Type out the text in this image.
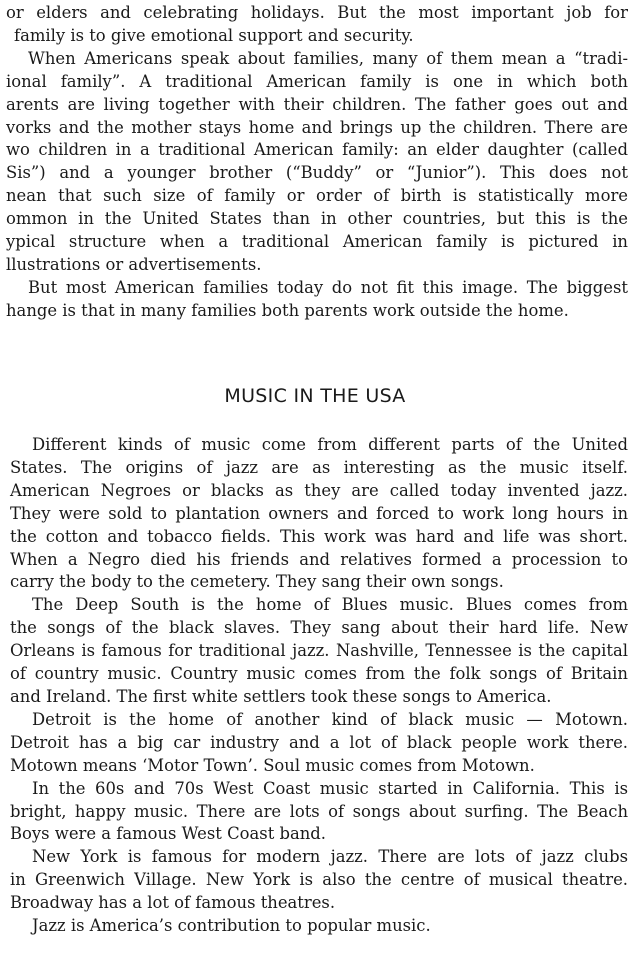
or elders and celebrating holidays. But the most important job for
family is to give emotional support and security.

When Americans speak about families, many of them mean a “tradi-
ional family”. A traditional American family is one in which both
arents are living together with their children. The father goes out and
vorks and the mother stays home and brings up the children. There are
wo children in a traditional American family: an elder daughter (called
Sis”) and a younger brother (“Buddy” or “Junior”). This does not
nean that such size of family or order of birth is statistically more
ommon in the United States than in other countries, but this is the
ypical structure when a traditional American family is pictured in
llustrations or advertisements.

But most American families today do not fit this image. The biggest
hange is that in many families both parents work outside the home.

MUSIC IN THE USA

Different kinds of music come from different parts of the United
States. The origins of jazz are as interesting as the music itself.
American Negroes or blacks as they are called today invented jazz.
They were sold to plantation owners and forced to work long hours in
the cotton and tobacco fields. This work was hard and life was short.
When a Negro died his friends and relatives formed a procession to
carry the body to the cemetery. They sang their own songs.

The Deep South is the home of Blues music. Blues comes from
the songs of the black slaves. They sang about their hard life. New
Orleans is famous for traditional jazz. Nashville, Tennessee is the capital
of country music. Country music comes from the folk songs of Britain
and Ireland. The first white settlers took these songs to America.

Detroit is the home of another kind of black music — Motown.
Detroit has a big car industry and a lot of black people work there.
Motown means ‘Motor Town’. Soul music comes from Motown.

In the 60s and 70s West Coast music started in California. This is
bright, happy music. There are lots of songs about surfing. The Beach
Boys were a famous West Coast band.

New York is famous for modern jazz. There are lots of jazz clubs
in Greenwich Village. New York is also the centre of musical theatre.
Broadway has a lot of famous theatres.

Jazz is America’s contribution to popular music.
